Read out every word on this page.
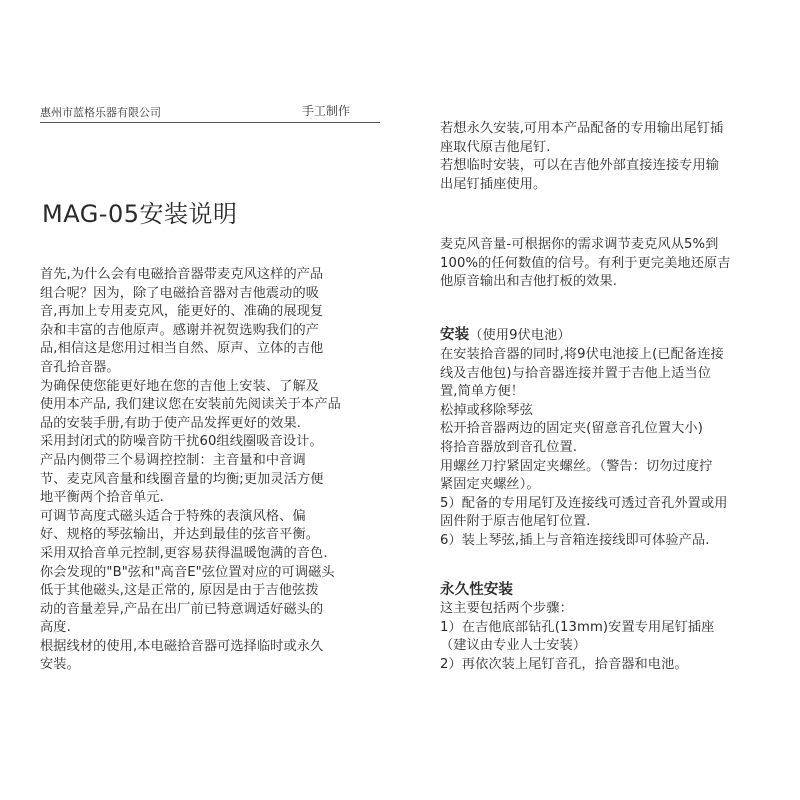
惠州市蓝格乐器有限公司	手工制作
MAG-05安装说明

首先,为什么会有电磁拾音器带麦克风这样的产品

组合呢？因为，除了电磁拾音器对吉他震动的吸

音,再加上专用麦克风，能更好的、准确的展现复

杂和丰富的吉他原声。感谢并祝贺选购我们的产

品,相信这是您用过相当自然、原声、立体的吉他

音孔拾音器。

为确保使您能更好地在您的吉他上安装、了解及

使用本产品, 我们建议您在安装前先阅读关于本产品

品的安装手册,有助于使产品发挥更好的效果.

采用封闭式的防噪音防干扰60组线圈吸音设计。

产品内侧带三个易调控控制：主音量和中音调

节、麦克风音量和线圈音量的均衡;更加灵活方便

地平衡两个拾音单元.

可调节高度式磁头适合于特殊的表演风格、偏

好、规格的琴弦输出，并达到最佳的弦音平衡。

采用双拾音单元控制,更容易获得温暖饱满的音色.

你会发现的"B"弦和"高音E"弦位置对应的可调磁头

低于其他磁头,这是正常的, 原因是由于吉他弦拨

动的音量差异,产品在出厂前已特意调适好磁头的

高度.

根据线材的使用,本电磁拾音器可选择临时或永久

安装。

若想永久安装,可用本产品配备的专用输出尾钉插

座取代原吉他尾钉.

若想临时安装，可以在吉他外部直接连接专用输

出尾钉插座使用。

麦克风音量-可根据你的需求调节麦克风从5%到

100%的任何数值的信号。有利于更完美地还原吉

他原音输出和吉他打板的效果.

安装（使用9伏电池）

在安装拾音器的同时,将9伏电池接上(已配备连接

线及吉他包)与拾音器连接并置于吉他上适当位

置,简单方便！

松掉或移除琴弦

松开拾音器两边的固定夹(留意音孔位置大小)

将拾音器放到音孔位置.

用螺丝刀拧紧固定夹螺丝。（警告：切勿过度拧

紧固定夹螺丝）。

5）配备的专用尾钉及连接线可透过音孔外置或用

固件附于原吉他尾钉位置.

6）装上琴弦,插上与音箱连接线即可体验产品.

永久性安装

这主要包括两个步骤：

1）在吉他底部钻孔(13mm)安置专用尾钉插座

（建议由专业人士安装）

2）再依次装上尾钉音孔，拾音器和电池。
